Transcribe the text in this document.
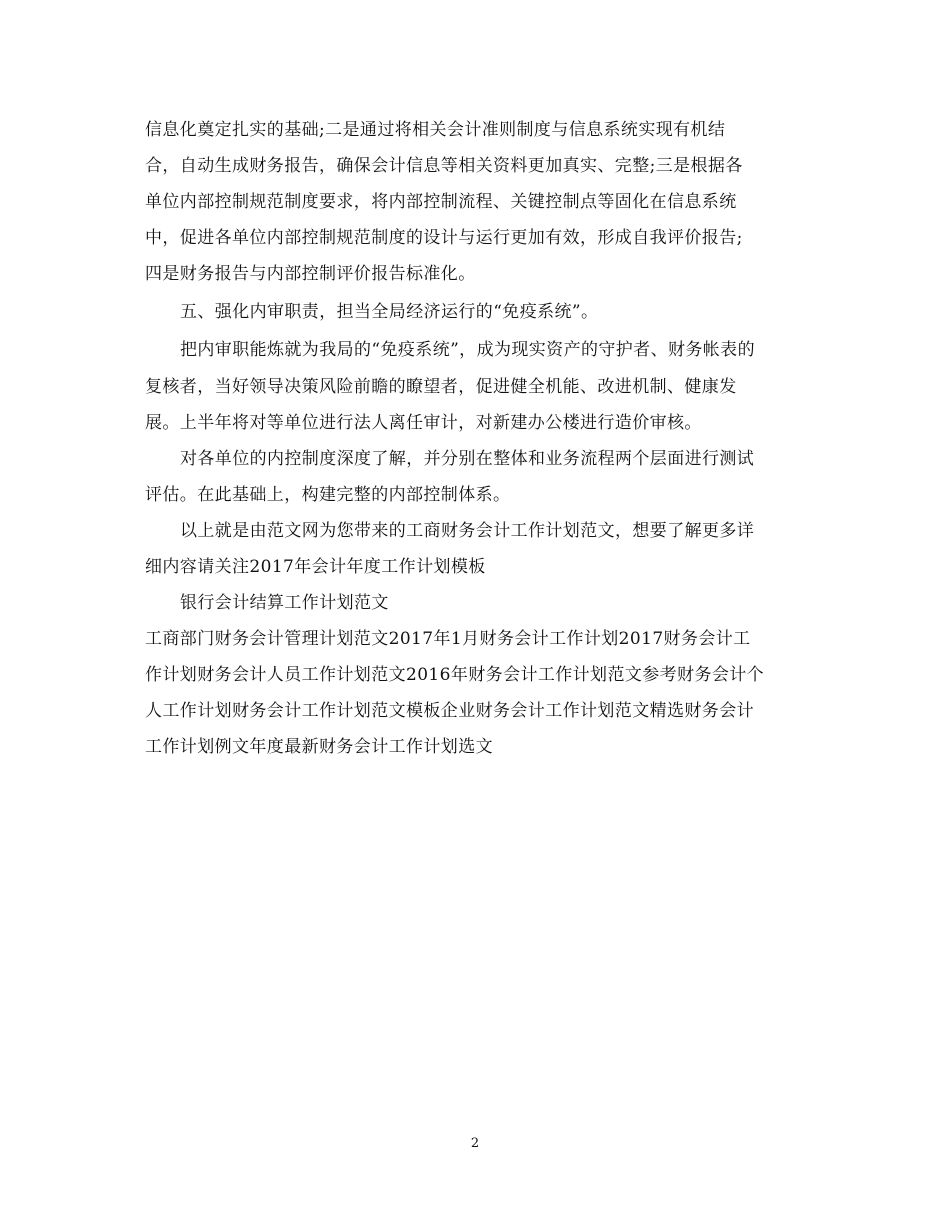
信息化奠定扎实的基础;二是通过将相关会计准则制度与信息系统实现有机结
合，自动生成财务报告，确保会计信息等相关资料更加真实、完整;三是根据各
单位内部控制规范制度要求，将内部控制流程、关键控制点等固化在信息系统
中，促进各单位内部控制规范制度的设计与运行更加有效，形成自我评价报告;
四是财务报告与内部控制评价报告标准化。
五、强化内审职责，担当全局经济运行的“免疫系统”。
把内审职能炼就为我局的“免疫系统”，成为现实资产的守护者、财务帐表的
复核者，当好领导决策风险前瞻的瞭望者，促进健全机能、改进机制、健康发
展。上半年将对等单位进行法人离任审计，对新建办公楼进行造价审核。
对各单位的内控制度深度了解，并分别在整体和业务流程两个层面进行测试
评估。在此基础上，构建完整的内部控制体系。
以上就是由范文网为您带来的工商财务会计工作计划范文，想要了解更多详
细内容请关注2017年会计年度工作计划模板
银行会计结算工作计划范文
工商部门财务会计管理计划范文2017年1月财务会计工作计划2017财务会计工
作计划财务会计人员工作计划范文2016年财务会计工作计划范文参考财务会计个
人工作计划财务会计工作计划范文模板企业财务会计工作计划范文精选财务会计
工作计划例文年度最新财务会计工作计划选文
2
